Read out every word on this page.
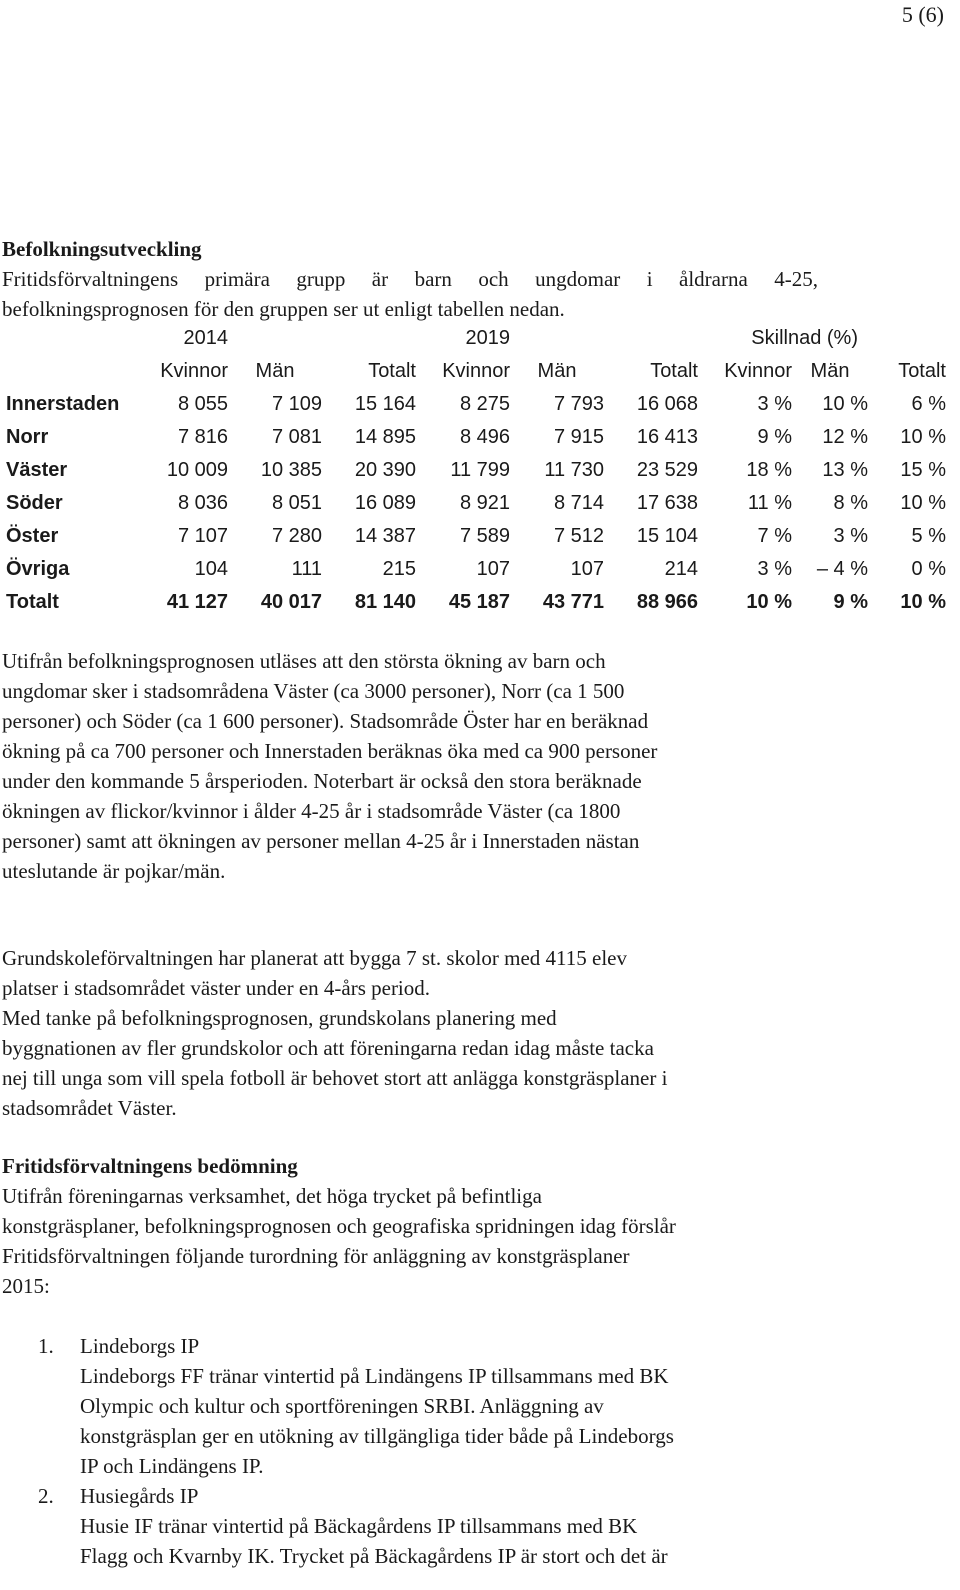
5 (6)
Befolkningsutveckling
Fritidsförvaltningens primära grupp är barn och ungdomar i åldrarna 4-25,
befolkningsprognosen för den gruppen ser ut enligt tabellen nedan.
	2014			2019			Skillnad (%)		
	Kvinnor	Män	Totalt	Kvinnor	Män	Totalt	Kvinnor	Män	Totalt
Innerstaden	8 055	7 109	15 164	8 275	7 793	16 068	3 %	10 %	6 %
Norr	7 816	7 081	14 895	8 496	7 915	16 413	9 %	12 %	10 %
Väster	10 009	10 385	20 390	11 799	11 730	23 529	18 %	13 %	15 %
Söder	8 036	8 051	16 089	8 921	8 714	17 638	11 %	8 %	10 %
Öster	7 107	7 280	14 387	7 589	7 512	15 104	7 %	3 %	5 %
Övriga	104	111	215	107	107	214	3 %	– 4 %	0 %
Totalt	41 127	40 017	81 140	45 187	43 771	88 966	10 %	9 %	10 %

Utifrån befolkningsprognosen utläses att den största ökning av barn och

ungdomar sker i stadsområdena Väster (ca 3000 personer), Norr (ca 1 500

personer) och Söder (ca 1 600 personer). Stadsområde Öster har en beräknad

ökning på ca 700 personer och Innerstaden beräknas öka med ca 900 personer

under den kommande 5 årsperioden. Noterbart är också den stora beräknade

ökningen av flickor/kvinnor i ålder 4-25 år i stadsområde Väster (ca 1800

personer) samt att ökningen av personer mellan 4-25 år i Innerstaden nästan

uteslutande är pojkar/män.

Grundskoleförvaltningen har planerat att bygga 7 st. skolor med 4115 elev

platser i stadsområdet väster under en 4-års period.

Med tanke på befolkningsprognosen, grundskolans planering med

byggnationen av fler grundskolor och att föreningarna redan idag måste tacka

nej till unga som vill spela fotboll är behovet stort att anlägga konstgräsplaner i

stadsområdet Väster.

Fritidsförvaltningens bedömning

Utifrån föreningarnas verksamhet, det höga trycket på befintliga

konstgräsplaner, befolkningsprognosen och geografiska spridningen idag förslår

Fritidsförvaltningen följande turordning för anläggning av konstgräsplaner

2015:

1. Lindeborgs IP
Lindeborgs FF tränar vintertid på Lindängens IP tillsammans med BK
Olympic och kultur och sportföreningen SRBI. Anläggning av
konstgräsplan ger en utökning av tillgängliga tider både på Lindeborgs
IP och Lindängens IP.
2. Husiegårds IP
Husie IF tränar vintertid på Bäckagårdens IP tillsammans med BK
Flagg och Kvarnby IK. Trycket på Bäckagårdens IP är stort och det är
